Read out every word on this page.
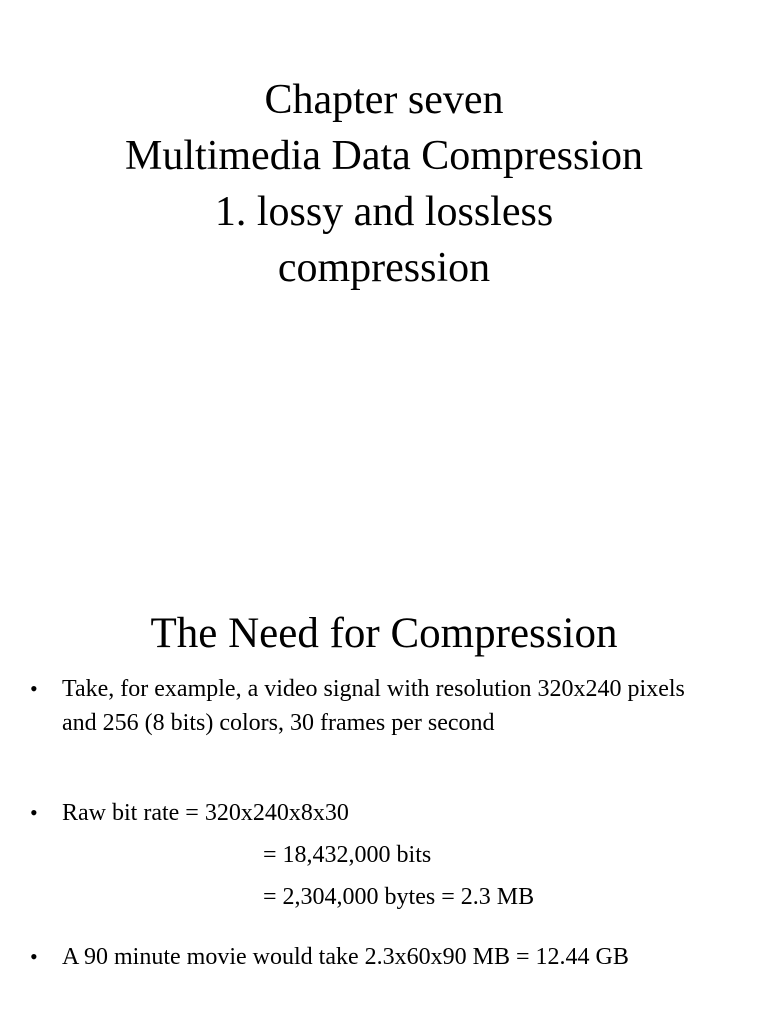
Chapter seven
Multimedia Data Compression
1. lossy and lossless
compression
The Need for Compression
• Take, for example, a video signal with resolution 320x240 pixels and 256 (8 bits) colors, 30 frames per second
• Raw bit rate = 320x240x8x30
= 18,432,000 bits
= 2,304,000 bytes = 2.3 MB
• A 90 minute movie would take 2.3x60x90 MB = 12.44 GB
